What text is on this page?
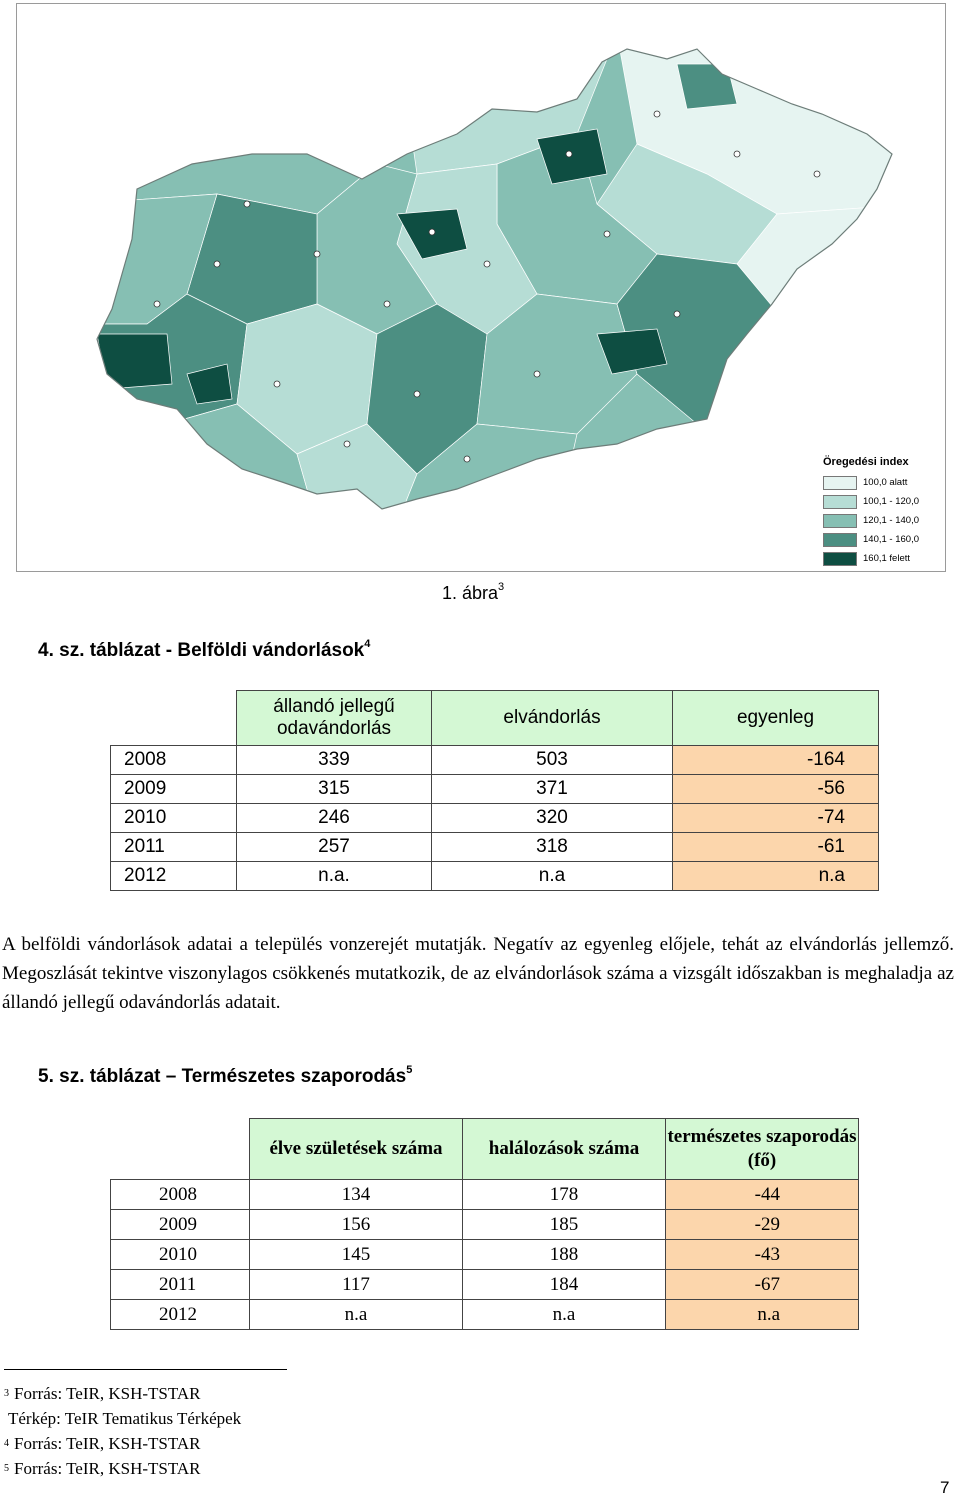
Öregedési index
100,0 alatt
100,1 - 120,0
120,1 - 140,0
140,1 - 160,0
160,1 felett
1. ábra$^3$
4. sz. táblázat - Belföldi vándorlások$^4$
	állandó jellegű odavándorlás	elvándorlás	egyenleg
2008	339	503	-164
2009	315	371	-56
2010	246	320	-74
2011	257	318	-61
2012	n.a.	n.a	n.a

A belföldi vándorlások adatai a település vonzerejét mutatják. Negatív az egyenleg előjele, tehát az elvándorlás jellemző. Megoszlását tekintve viszonylagos csökkenés mutatkozik, de az elvándorlások száma a vizsgált időszakban is meghaladja az állandó jellegű odavándorlás adatait.

5. sz. táblázat – Természetes szaporodás$^5$
	élve születések száma	halálozások száma	természetes szaporodás (fő)
2008	134	178	-44
2009	156	185	-29
2010	145	188	-43
2011	117	184	-67
2012	n.a	n.a	n.a
$^3$ Forrás: TeIR, KSH-TSTAR
Térkép: TeIR Tematikus Térképek
$^4$ Forrás: TeIR, KSH-TSTAR
$^5$ Forrás: TeIR, KSH-TSTAR
7
